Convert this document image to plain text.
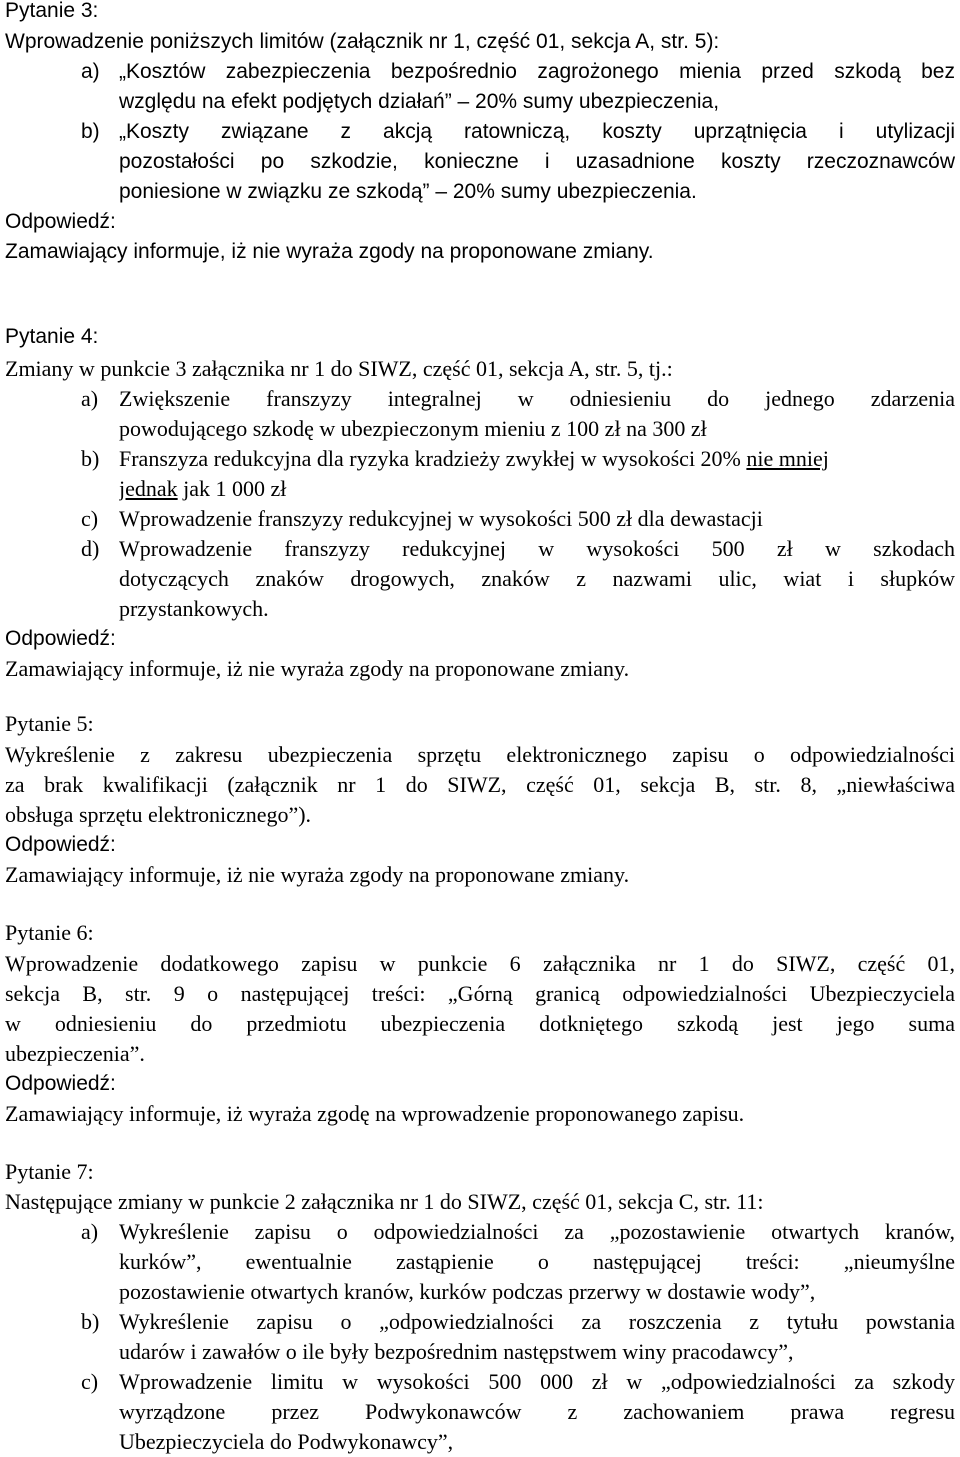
Pytanie 3:
Wprowadzenie poniższych limitów (załącznik nr 1, część 01, sekcja A, str. 5):
a) „Kosztów zabezpieczenia bezpośrednio zagrożonego mienia przed szkodą bez
względu na efekt podjętych działań” – 20% sumy ubezpieczenia,
b) „Koszty związane z akcją ratowniczą, koszty uprzątnięcia i utylizacji
pozostałości po szkodzie, konieczne i uzasadnione koszty rzeczoznawców
poniesione w związku ze szkodą” – 20% sumy ubezpieczenia.
Odpowiedź:
Zamawiający informuje, iż nie wyraża zgody na proponowane zmiany.
Pytanie 4:
Zmiany w punkcie 3 załącznika nr 1 do SIWZ, część 01, sekcja A, str. 5, tj.:
a) Zwiększenie franszyzy integralnej w odniesieniu do jednego zdarzenia
powodującego szkodę w ubezpieczonym mieniu z 100 zł na 300 zł
b) Franszyza redukcyjna dla ryzyka kradzieży zwykłej w wysokości 20% nie mniej
jednak jak 1 000 zł
c) Wprowadzenie franszyzy redukcyjnej w wysokości 500 zł dla dewastacji
d) Wprowadzenie franszyzy redukcyjnej w wysokości 500 zł w szkodach
dotyczących znaków drogowych, znaków z nazwami ulic, wiat i słupków
przystankowych.
Odpowiedź:
Zamawiający informuje, iż nie wyraża zgody na proponowane zmiany.
Pytanie 5:
Wykreślenie z zakresu ubezpieczenia sprzętu elektronicznego zapisu o odpowiedzialności
za brak kwalifikacji (załącznik nr 1 do SIWZ, część 01, sekcja B, str. 8, „niewłaściwa
obsługa sprzętu elektronicznego”).
Odpowiedź:
Zamawiający informuje, iż nie wyraża zgody na proponowane zmiany.
Pytanie 6:
Wprowadzenie dodatkowego zapisu w punkcie 6 załącznika nr 1 do SIWZ, część 01,
sekcja B, str. 9 o następującej treści: „Górną granicą odpowiedzialności Ubezpieczyciela
w odniesieniu do przedmiotu ubezpieczenia dotkniętego szkodą jest jego suma
ubezpieczenia”.
Odpowiedź:
Zamawiający informuje, iż wyraża zgodę na wprowadzenie proponowanego zapisu.
Pytanie 7:
Następujące zmiany w punkcie 2 załącznika nr 1 do SIWZ, część 01, sekcja C, str. 11:
a) Wykreślenie zapisu o odpowiedzialności za „pozostawienie otwartych kranów,
kurków”, ewentualnie zastąpienie o następującej treści: „nieumyślne
pozostawienie otwartych kranów, kurków podczas przerwy w dostawie wody”,
b) Wykreślenie zapisu o „odpowiedzialności za roszczenia z tytułu powstania
udarów i zawałów o ile były bezpośrednim następstwem winy pracodawcy”,
c) Wprowadzenie limitu w wysokości 500 000 zł w „odpowiedzialności za szkody
wyrządzone przez Podwykonawców z zachowaniem prawa regresu
Ubezpieczyciela do Podwykonawcy”,
